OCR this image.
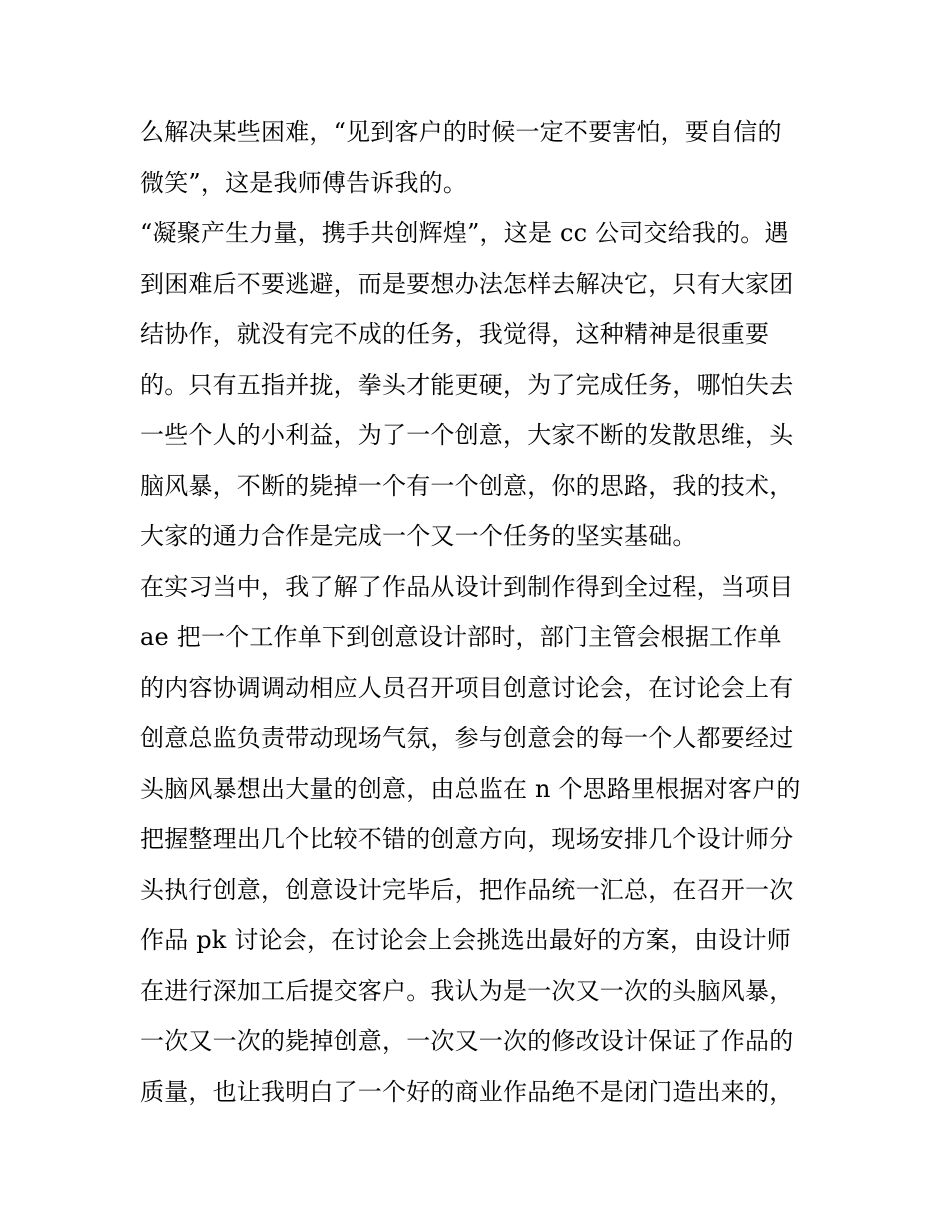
么解决某些困难，“见到客户的时候一定不要害怕，要自信的
微笑”，这是我师傅告诉我的。
“凝聚产生力量，携手共创辉煌”，这是 cc 公司交给我的。遇
到困难后不要逃避，而是要想办法怎样去解决它，只有大家团
结协作，就没有完不成的任务，我觉得，这种精神是很重要
的。只有五指并拢，拳头才能更硬，为了完成任务，哪怕失去
一些个人的小利益，为了一个创意，大家不断的发散思维，头
脑风暴，不断的毙掉一个有一个创意，你的思路，我的技术，
大家的通力合作是完成一个又一个任务的坚实基础。
在实习当中，我了解了作品从设计到制作得到全过程，当项目
ae 把一个工作单下到创意设计部时，部门主管会根据工作单
的内容协调调动相应人员召开项目创意讨论会，在讨论会上有
创意总监负责带动现场气氛，参与创意会的每一个人都要经过
头脑风暴想出大量的创意，由总监在 n 个思路里根据对客户的
把握整理出几个比较不错的创意方向，现场安排几个设计师分
头执行创意，创意设计完毕后，把作品统一汇总，在召开一次
作品 pk 讨论会，在讨论会上会挑选出最好的方案，由设计师
在进行深加工后提交客户。我认为是一次又一次的头脑风暴，
一次又一次的毙掉创意，一次又一次的修改设计保证了作品的
质量，也让我明白了一个好的商业作品绝不是闭门造出来的，
